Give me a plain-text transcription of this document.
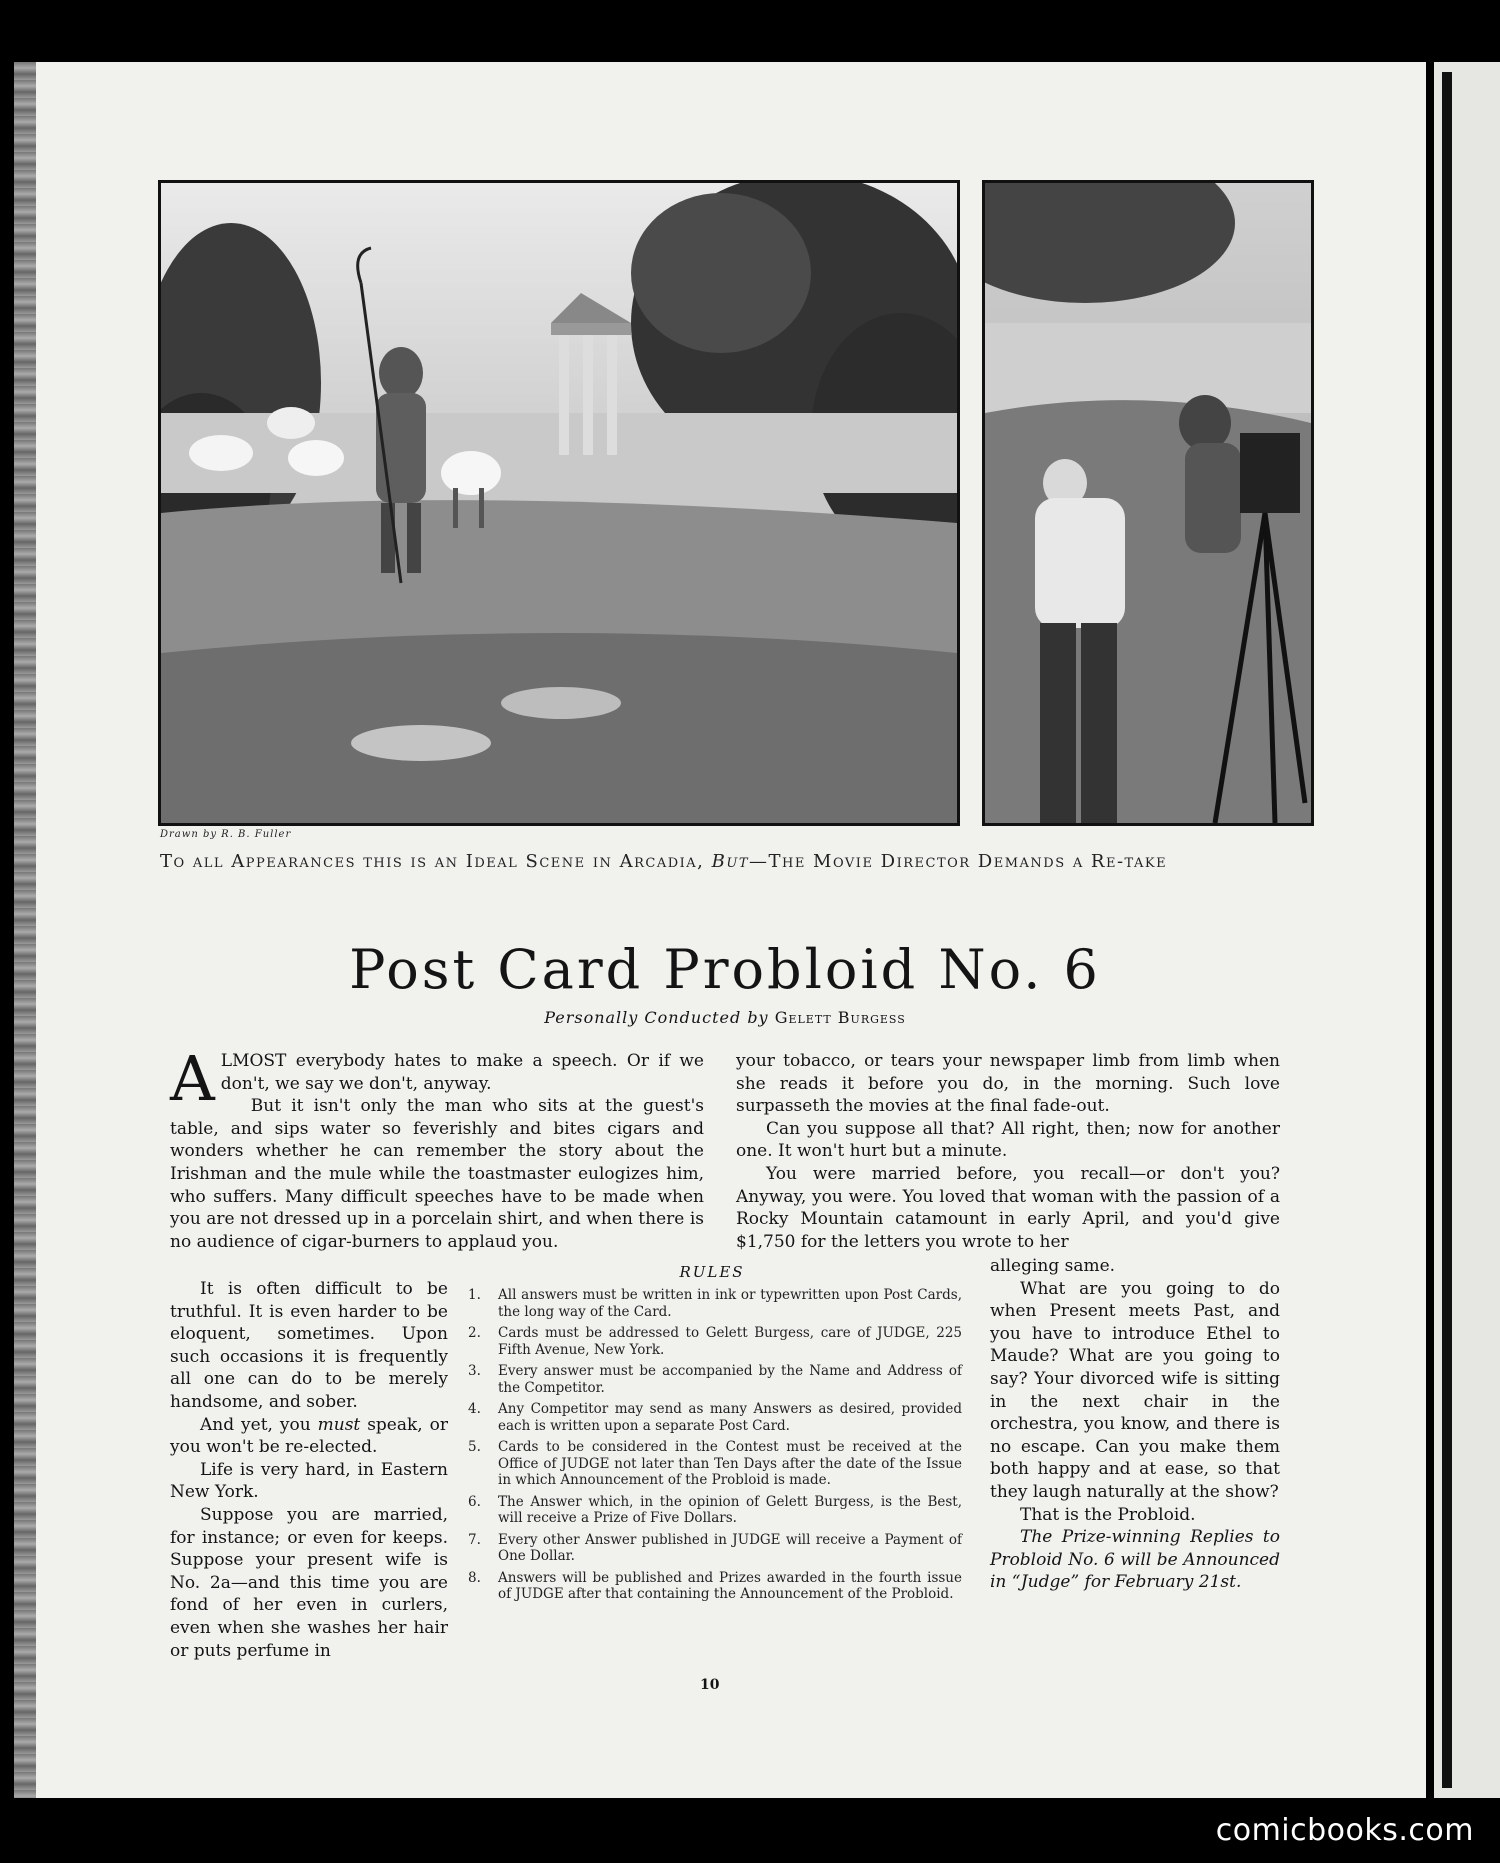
Drawn by R. B. Fuller
To all Appearances this is an Ideal Scene in Arcadia, But—The Movie Director Demands a Re-take
Post Card Probloid No. 6
Personally Conducted by Gelett Burgess

ALMOST everybody hates to make a speech. Or if we don't, we say we don't, anyway.

But it isn't only the man who sits at the guest's table, and sips water so feverishly and bites cigars and wonders whether he can remember the story about the Irishman and the mule while the toastmaster eulogizes him, who suffers. Many difficult speeches have to be made when you are not dressed up in a porcelain shirt, and when there is no audience of cigar-burners to applaud you.

It is often difficult to be truthful. It is even harder to be eloquent, sometimes. Upon such occasions it is frequently all one can do to be merely handsome, and sober.

And yet, you must speak, or you won't be re-elected.

Life is very hard, in Eastern New York.

Suppose you are married, for instance; or even for keeps. Suppose your present wife is No. 2a—and this time you are fond of her even in curlers, even when she washes her hair or puts perfume in

your tobacco, or tears your newspaper limb from limb when she reads it before you do, in the morning. Such love surpasseth the movies at the final fade-out.

Can you suppose all that? All right, then; now for another one. It won't hurt but a minute.

You were married before, you recall—or don't you? Anyway, you were. You loved that woman with the passion of a Rocky Mountain catamount in early April, and you'd give $1,750 for the letters you wrote to her

RULES
1.	All answers must be written in ink or typewritten upon Post Cards, the long way of the Card.
2.	Cards must be addressed to Gelett Burgess, care of JUDGE, 225 Fifth Avenue, New York.
3.	Every answer must be accompanied by the Name and Address of the Competitor.
4.	Any Competitor may send as many Answers as desired, provided each is written upon a separate Post Card.
5.	Cards to be considered in the Contest must be received at the Office of JUDGE not later than Ten Days after the date of the Issue in which Announcement of the Probloid is made.
6.	The Answer which, in the opinion of Gelett Burgess, is the Best, will receive a Prize of Five Dollars.
7.	Every other Answer published in JUDGE will receive a Payment of One Dollar.
8.	Answers will be published and Prizes awarded in the fourth issue of JUDGE after that containing the Announcement of the Probloid.

alleging same.

What are you going to do when Present meets Past, and you have to introduce Ethel to Maude? What are you going to say? Your divorced wife is sitting in the next chair in the orchestra, you know, and there is no escape. Can you make them both happy and at ease, so that they laugh naturally at the show?

That is the Probloid.

The Prize-winning Replies to Probloid No. 6 will be Announced in “Judge” for February 21st.

10
comicbooks.com
